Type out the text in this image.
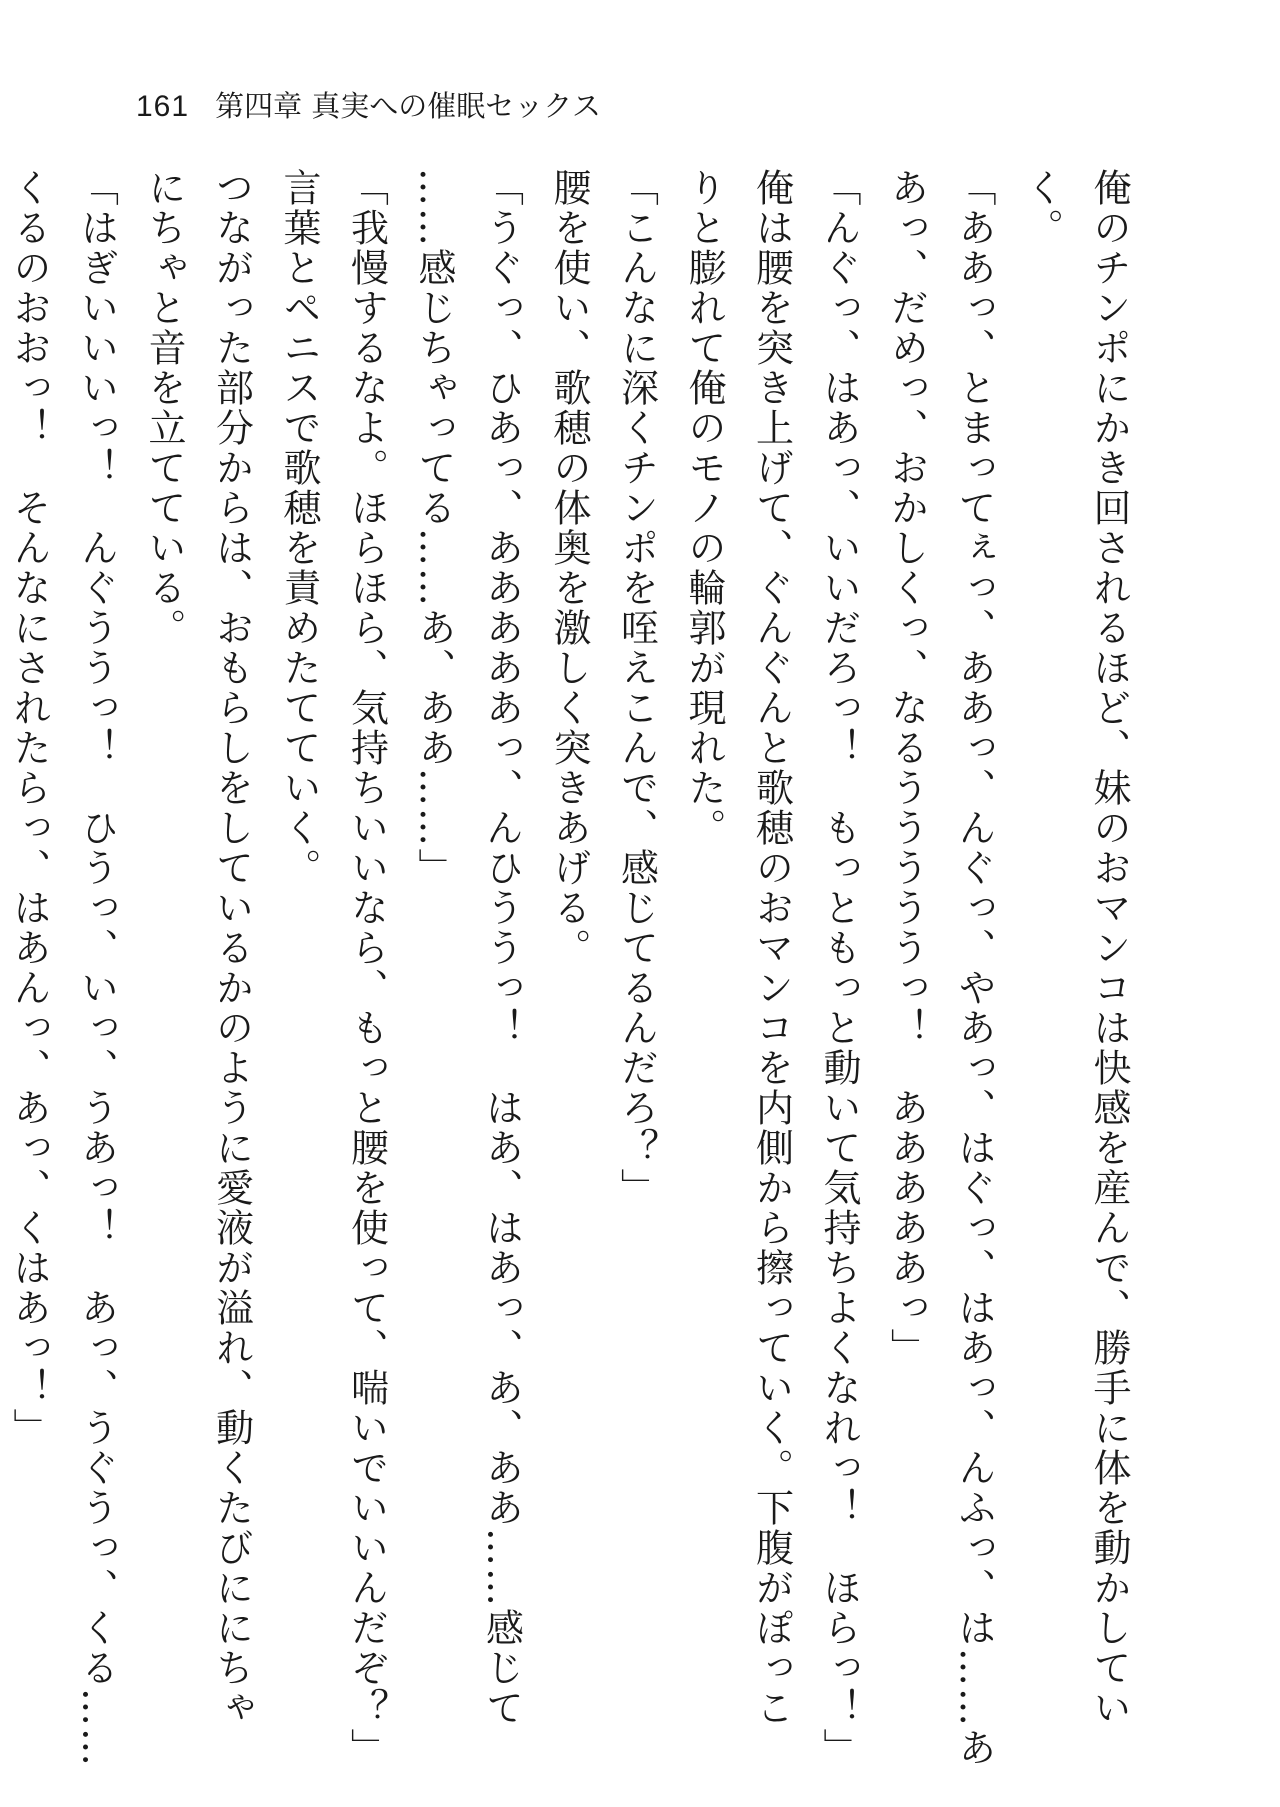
161 第四章 真実への催眠セックス
俺のチンポにかき回されるほど、妹のおマンコは快感を産んで、勝手に体を動かしてい
く。
「ああっ、とまってぇっ、ああっ、んぐっ、やあっ、はぐっ、はあっ、んふっ、は……あ
あっ、だめっ、おかしくっ、なるうううううっ！　あああああっ」
「んぐっ、はあっ、いいだろっ！　もっともっと動いて気持ちよくなれっ！　ほらっ！」
俺は腰を突き上げて、ぐんぐんと歌穂のおマンコを内側から擦っていく。下腹がぽっこ
りと膨れて俺のモノの輪郭が現れた。
「こんなに深くチンポを咥えこんで、感じてるんだろ？」
腰を使い、歌穂の体奥を激しく突きあげる。
「うぐっ、ひあっ、あああああっ、んひううっ！　はあ、はあっ、あ、ああ……感じて
……感じちゃってる……あ、ああ……」
「我慢するなよ。ほらほら、気持ちいいなら、もっと腰を使って、喘いでいいんだぞ？」
言葉とペニスで歌穂を責めたてていく。
つながった部分からは、おもらしをしているかのように愛液が溢れ、動くたびににちゃ
にちゃと音を立てている。
「はぎいいいっ！　んぐううっ！　ひうっ、いっ、うあっ！　あっ、うぐうっ、くる……
くるのおおっ！　そんなにされたらっ、はあんっ、あっ、くはあっ！」
